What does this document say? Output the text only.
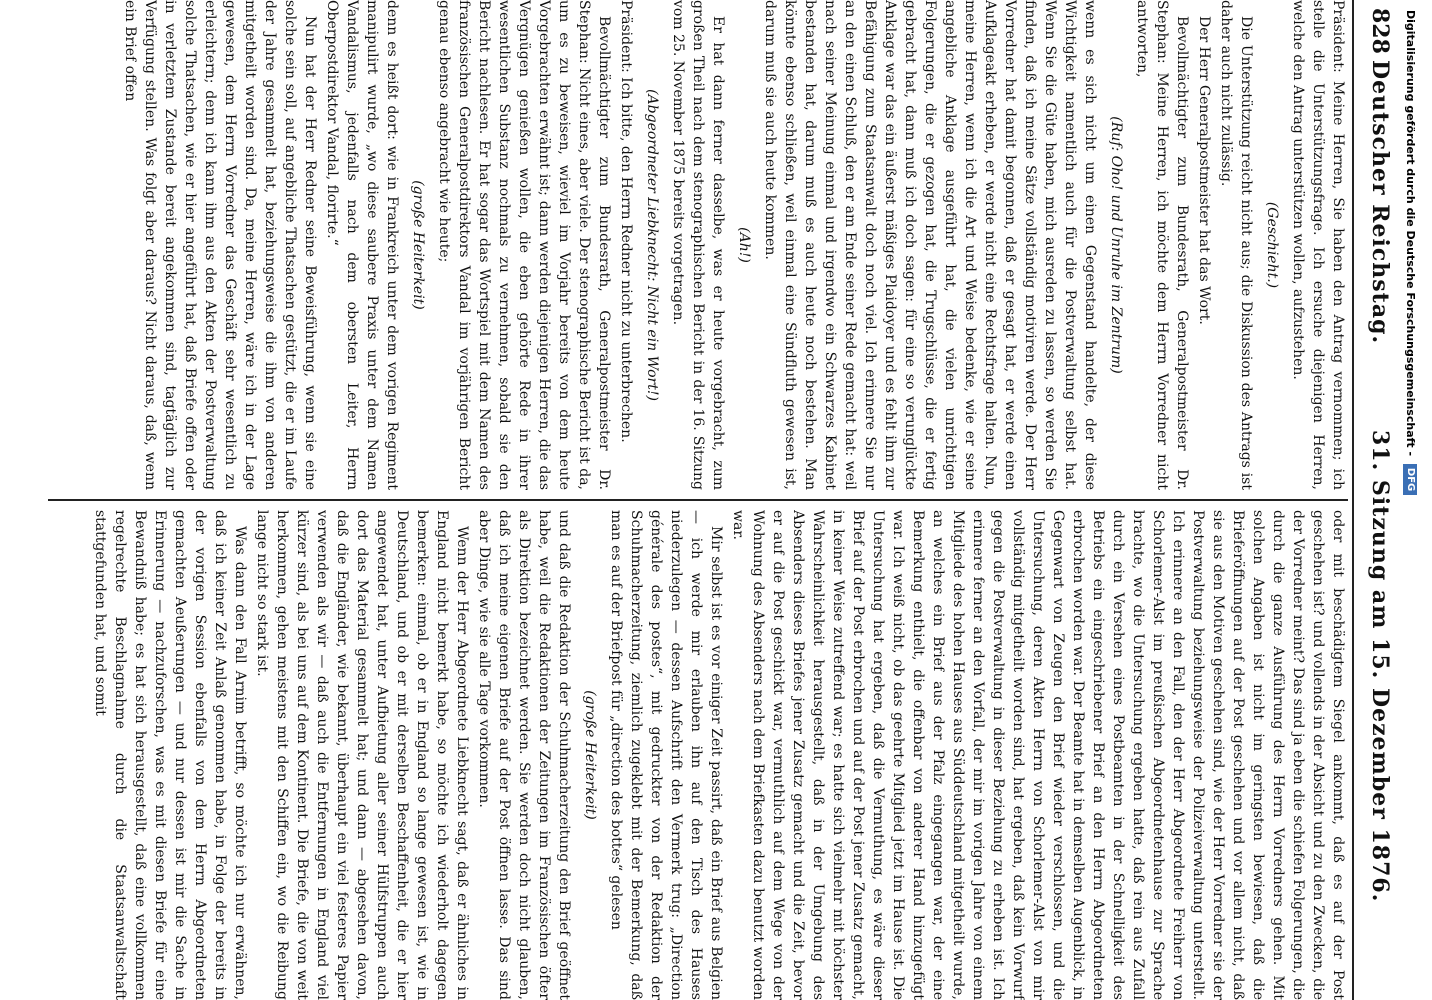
828
Deutscher Reichstag.
31. Sitzung am 15. Dezember 1876.

Präsident: Meine Herren, Sie haben den Antrag vernommen; ich stelle die Unterstützungsfrage. Ich ersuche diejenigen Herren, welche den Antrag unterstützen wollen, aufzustehen.

(Geschieht.)

Die Unterstützung reicht nicht aus; die Diskussion des Antrags ist daher auch nicht zulässig.

Der Herr Generalpostmeister hat das Wort.

Bevollmächtigter zum Bundesrath, Generalpostmeister Dr. Stephan: Meine Herren, ich möchte dem Herrn Vorredner nicht antworten,

(Ruf: Oho! und Unruhe im Zentrum)

wenn es sich nicht um einen Gegenstand handelte, der diese Wichtigkeit namentlich auch für die Postverwaltung selbst hat. Wenn Sie die Güte haben, mich ausreden zu lassen, so werden Sie finden, daß ich meine Sätze vollständig motiviren werde. Der Herr Vorredner hat damit begonnen, daß er gesagt hat, er werde einen Aufklageakt erheben, er werde nicht eine Rechtsfrage halten. Nun, meine Herren, wenn ich die Art und Weise bedenke, wie er seine angebliche Anklage ausgeführt hat, die vielen unrichtigen Folgerungen, die er gezogen hat, die Trugschlüsse, die er fertig gebracht hat, dann muß ich doch sagen: für eine so verunglückte Anklage war das ein äußerst mäßiges Plaidoyer und es fehlt ihm zur Befähigung zum Staatsanwalt doch noch viel. Ich erinnere Sie nur an den einen Schluß, den er am Ende seiner Rede gemacht hat: weil nach seiner Meinung einmal und irgendwo ein Schwarzes Kabinet bestanden hat, darum muß es auch heute noch bestehen. Man könnte ebenso schließen, weil einmal eine Sündfluth gewesen ist, darum muß sie auch heute kommen.

(Ah!)

Er hat dann ferner dasselbe, was er heute vorgebracht, zum großen Theil nach dem stenographischen Bericht in der 16. Sitzung vom 25. November 1875 bereits vorgetragen.

(Abgeordneter Liebknecht: Nicht ein Wort!)

Präsident: Ich bitte, den Herrn Redner nicht zu unterbrechen.

Bevollmächtigter zum Bundesrath, Generalpostmeister Dr. Stephan: Nicht eines, aber viele. Der stenographische Bericht ist da, um es zu beweisen, wieviel im Vorjahr bereits von dem heute Vorgebrachten erwähnt ist; dann werden diejenigen Herren, die das Vergnügen genießen wollen, die eben gehörte Rede in ihrer wesentlichen Substanz nochmals zu vernehmen, sobald sie den Bericht nachlesen. Er hat sogar das Wortspiel mit dem Namen des französischen Generalpostdirektors Vandal im vorjährigen Bericht genau ebenso angebracht wie heute;

(große Heiterkeit)

denn es heißt dort: wie in Frankreich unter dem vorigen Regiment manipulirt wurde, „wo diese saubere Praxis unter dem Namen Vandalismus, jedenfalls nach dem obersten Leiter, Herrn Oberpostdirektor Vandal, florirte.“

Nun hat der Herr Redner seine Beweisführung, wenn sie eine solche sein soll, auf angebliche Thatsachen gestützt, die er im Laufe der Jahre gesammelt hat, beziehungsweise die ihm von anderen mitgetheilt worden sind. Da, meine Herren, wäre ich in der Lage gewesen, dem Herrn Vorredner das Geschäft sehr wesentlich zu erleichtern; denn ich kann ihm aus den Akten der Postverwaltung solche Thatsachen, wie er hier angeführt hat, daß Briefe offen oder in verletztem Zustande bereit angekommen sind, tagtäglich zur Verfügung stellen. Was folgt aber daraus? Nicht daraus, daß, wenn ein Brief offen

oder mit beschädigtem Siegel ankommt, daß es auf der Post geschehen ist? und vollends in der Absicht und zu den Zwecken, die der Vorredner meint? Das sind ja eben die schiefen Folgerungen, die durch die ganze Ausführung des Herrn Vorredners gehen. Mit solchen Angaben ist nicht im geringsten bewiesen, daß die Brieferöffnungen auf der Post geschehen und vor allem nicht, daß sie aus den Motiven geschehen sind, wie der Herr Vorredner sie der Postverwaltung beziehungsweise der Polizeiverwaltung unterstellt. Ich erinnere an den Fall, den der Herr Abgeordnete Freiherr von Schorlemer-Alst im preußischen Abgeordnetenhause zur Sprache brachte, wo die Untersuchung ergeben hatte, daß rein aus Zufall durch ein Versehen eines Postbeamten in der Schnelligkeit des Betriebs ein eingeschriebener Brief an den Herrn Abgeordneten erbrochen worden war. Der Beamte hat in demselben Augenblick, in Gegenwart von Zeugen den Brief wieder verschlossen, und die Untersuchung, deren Akten Herrn von Schorlemer-Alst von mir vollständig mitgetheilt worden sind, hat ergeben, daß kein Vorwurf gegen die Postverwaltung in dieser Beziehung zu erheben ist. Ich erinnere ferner an den Vorfall, der mir im vorigen Jahre von einem Mitgliede des hohen Hauses aus Süddeutschland mitgetheilt wurde, an welches ein Brief aus der Pfalz eingegangen war, der eine Bemerkung enthielt, die offenbar von anderer Hand hinzugefügt war. Ich weiß nicht, ob das geehrte Mitglied jetzt im Hause ist. Die Untersuchung hat ergeben, daß die Vermuthung, es wäre dieser Brief auf der Post erbrochen und auf der Post jener Zusatz gemacht, in keiner Weise zutreffend war; es hatte sich vielmehr mit höchster Wahrscheinlichkeit herausgestellt, daß in der Umgebung des Absenders dieses Briefes jener Zusatz gemacht und die Zeit, bevor er auf die Post geschickt war, vermuthlich auf dem Wege von der Wohnung des Absenders nach dem Briefkasten dazu benutzt worden war.

Mir selbst ist es vor einiger Zeit passirt, daß ein Brief aus Belgien — ich werde mir erlauben ihn auf den Tisch des Hauses niederzulegen — dessen Aufschrift den Vermerk trug: „Direction générale des postes“, mit gedruckter von der Redaktion der Schuhmacherzeitung, ziemlich zugeklebt mit der Bemerkung, daß man es auf der Briefpost für „direction des bottes“ gelesen

(große Heiterkeit)

und daß die Redaktion der Schuhmacherzeitung den Brief geöffnet habe, weil die Redaktionen der Zeitungen im Französischen öfter als Direktion bezeichnet werden. Sie werden doch nicht glauben, daß ich meine eigenen Briefe auf der Post öffnen lasse. Das sind aber Dinge, wie sie alle Tage vorkommen.

Wenn der Herr Abgeordnete Liebknecht sagt, daß er ähnliches in England nicht bemerkt habe, so möchte ich wiederholt dagegen bemerken: einmal, ob er in England so lange gewesen ist, wie in Deutschland, und ob er mit derselben Beschaffenheit, die er hier angewendet hat, unter Aufbietung aller seiner Hülfstruppen auch dort das Material gesammelt hat; und dann — abgesehen davon, daß die Engländer, wie bekannt, überhaupt ein viel festeres Papier verwenden als wir — daß auch die Entfernungen in England viel kürzer sind, als bei uns auf dem Kontinent. Die Briefe, die von weit herkommen, gehen meistens mit den Schiffen ein, wo die Reibung lange nicht so stark ist.

Was dann den Fall Arnim betrifft, so möchte ich nur erwähnen, daß ich keiner Zeit Anlaß genommen habe, in Folge der bereits in der vorigen Session ebenfalls von dem Herrn Abgeordneten gemachten Aeußerungen — und nur dessen ist mir die Sache in Erinnerung — nachzuforschen, was es mit diesen Briefe für eine Bewandniß habe; es hat sich herausgestellt, daß eine vollkommen regelrechte Beschlagnahme durch die Staatsanwaltschaft stattgefunden hat, und somit

Digitalisierung gefördert durch die Deutsche Forschungsgemeinschaft - DFG
